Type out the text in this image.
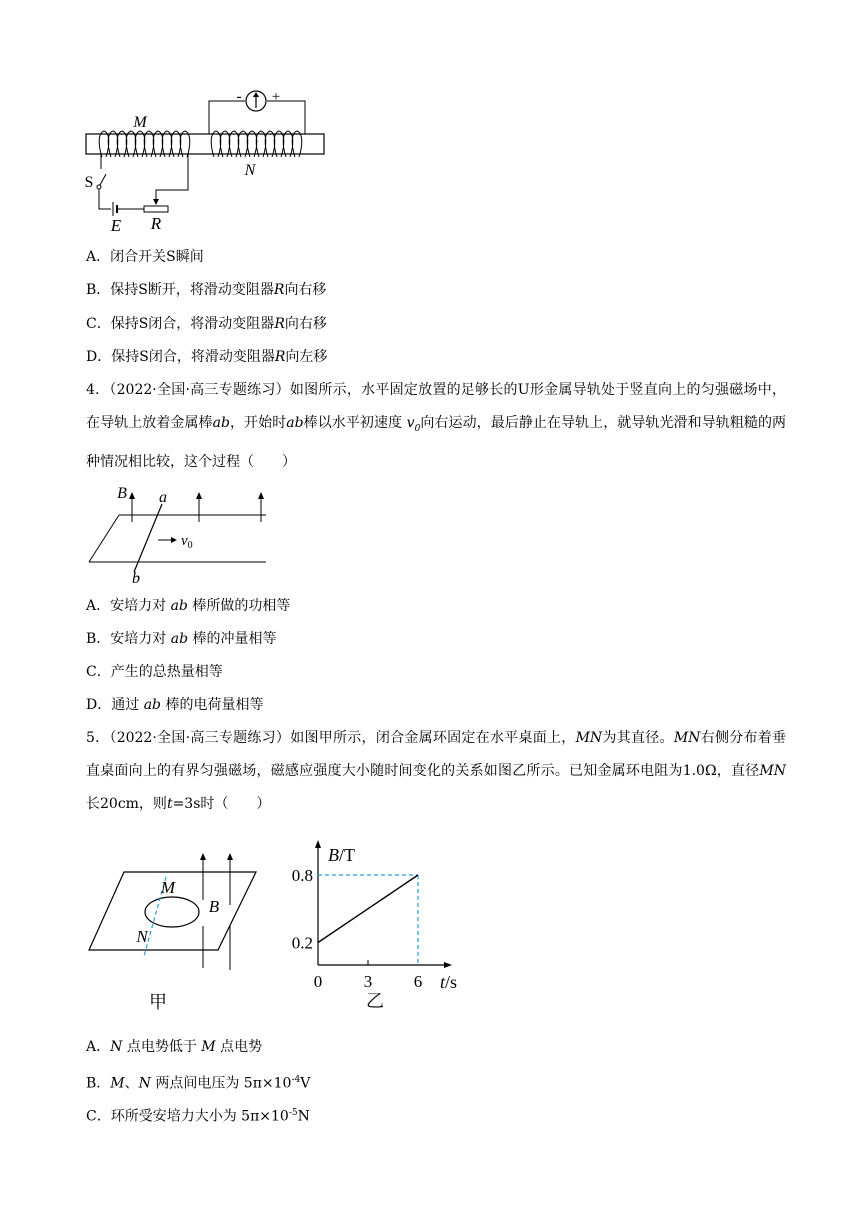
- +
M
N
S
E R
A．闭合开关S瞬间
B．保持S断开，将滑动变阻器R向右移
C．保持S闭合，将滑动变阻器R向右移
D．保持S闭合，将滑动变阻器R向左移
4．（2022·全国·高三专题练习）如图所示，水平固定放置的足够长的U形金属导轨处于竖直向上的匀强磁场中，在导轨上放着金属棒ab，开始时ab棒以水平初速度 $v_0$向右运动，最后静止在导轨上，就导轨光滑和导轨粗糙的两种情况相比较，这个过程（　　）
B a
b
$v_0$
A．安培力对 ab 棒所做的功相等
B．安培力对 ab 棒的冲量相等
C．产生的总热量相等
D．通过 ab 棒的电荷量相等
5．（2022·全国·高三专题练习）如图甲所示，闭合金属环固定在水平桌面上，MN为其直径。MN右侧分布着垂直桌面向上的有界匀强磁场，磁感应强度大小随时间变化的关系如图乙所示。已知金属环电阻为1.0Ω，直径MN长20cm，则t=3s时（　　）
M
N
B
甲
B/T
t/s
0.8
0.2
0 3 6
乙
A．N 点电势低于 M 点电势
B．M、N 两点间电压为 $5\pi\times 10^{-4}V$
C．环所受安培力大小为 $5\pi\times 10^{-5}N$
